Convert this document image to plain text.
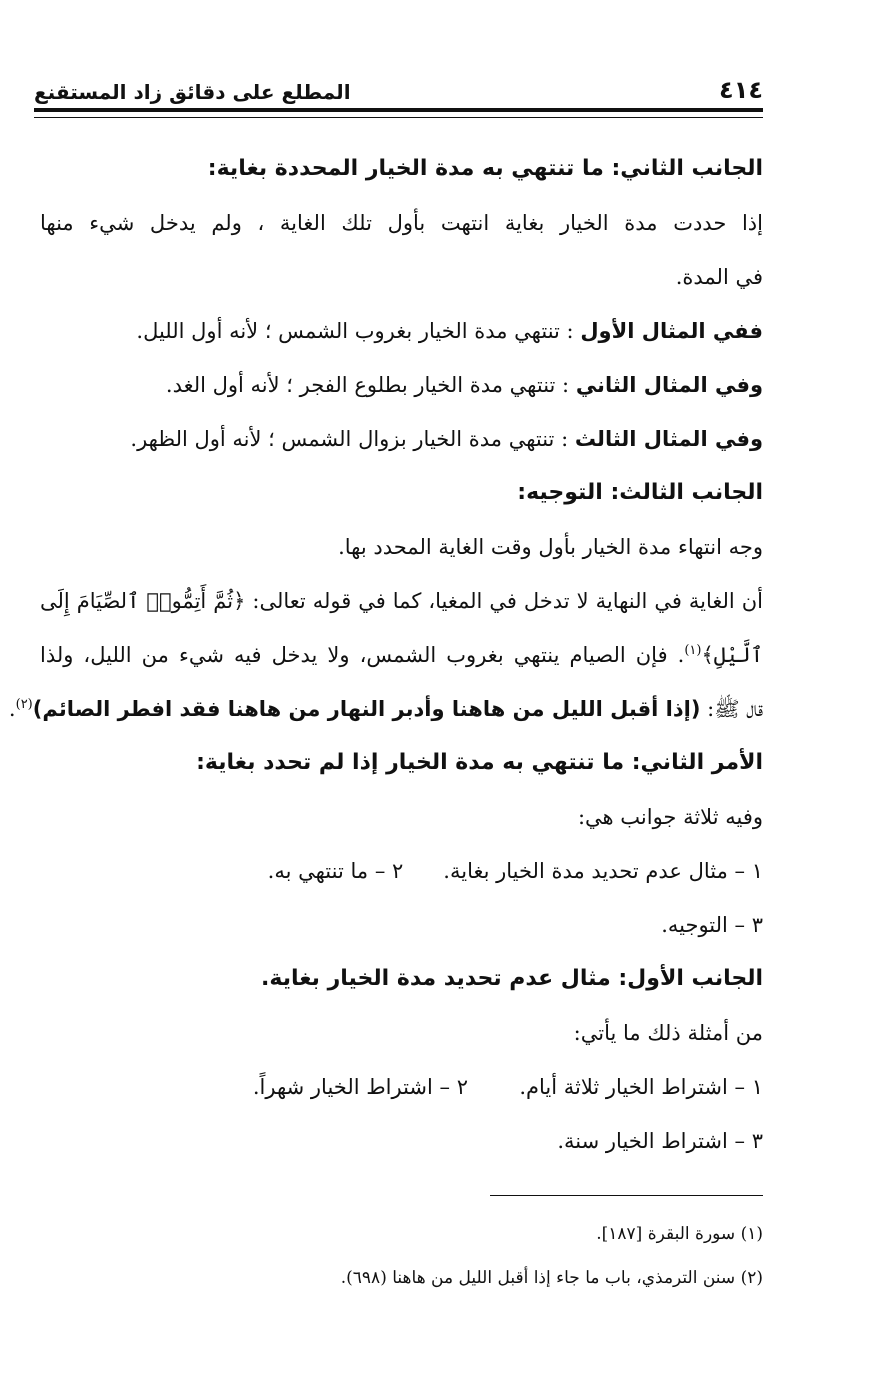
٤١٤
المطلع على دقائق زاد المستقنع
الجانب الثاني: ما تنتهي به مدة الخيار المحددة بغاية:
إذا حددت مدة الخيار بغاية انتهت بأول تلك الغاية ، ولم يدخل شيء منها
في المدة.
ففي المثال الأول : تنتهي مدة الخيار بغروب الشمس ؛ لأنه أول الليل.
وفي المثال الثاني : تنتهي مدة الخيار بطلوع الفجر ؛ لأنه أول الغد.
وفي المثال الثالث : تنتهي مدة الخيار بزوال الشمس ؛ لأنه أول الظهر.
الجانب الثالث: التوجيه:
وجه انتهاء مدة الخيار بأول وقت الغاية المحدد بها.
أن الغاية في النهاية لا تدخل في المغيا، كما في قوله تعالى: ﴿ثُمَّ أَتِمُّوا۟ ٱلصِّيَامَ إِلَى
ٱلَّيْلِ﴾$^{(١)}$. فإن الصيام ينتهي بغروب الشمس، ولا يدخل فيه شيء من الليل، ولذا
قال ﷺ: (إذا أقبل الليل من هاهنا وأدبر النهار من هاهنا فقد افطر الصائم)$^{(٢)}$.
الأمر الثاني: ما تنتهي به مدة الخيار إذا لم تحدد بغاية:
وفيه ثلاثة جوانب هي:
١ – مثال عدم تحديد مدة الخيار بغاية.٢ – ما تنتهي به.
٣ – التوجيه.
الجانب الأول: مثال عدم تحديد مدة الخيار بغاية.
من أمثلة ذلك ما يأتي:
١ – اشتراط الخيار ثلاثة أيام.٢ – اشتراط الخيار شهراً.
٣ – اشتراط الخيار سنة.
(١) سورة البقرة [١٨٧].
(٢) سنن الترمذي، باب ما جاء إذا أقبل الليل من هاهنا (٦٩٨).
